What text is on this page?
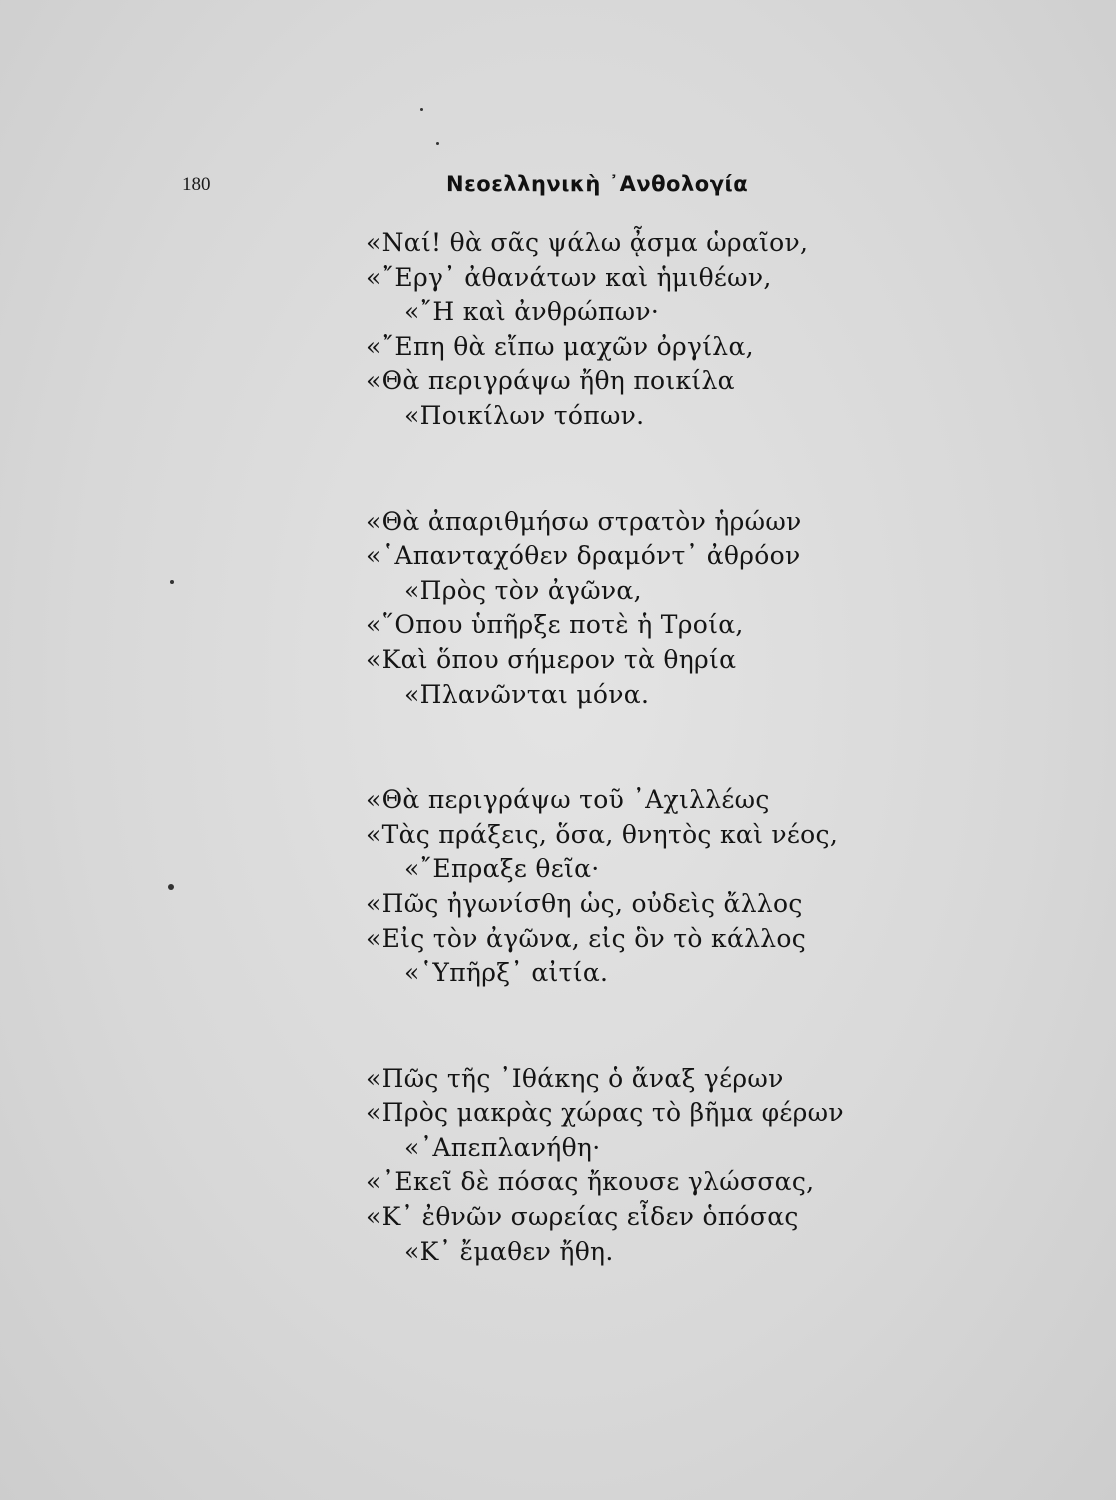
180	Νεοελληνικὴ ᾽Ανθολογία
«Ναί! θὰ σᾶς ψάλω ᾆσμα ὡραῖον,
«῎Εργ᾽ ἀθανάτων καὶ ἡμιθέων,
«῎Η καὶ ἀνθρώπων·
«῎Επη θὰ εἴπω μαχῶν ὀργίλα,
«Θὰ περιγράψω ἤθη ποικίλα
«Ποικίλων τόπων.
«Θὰ ἀπαριθμήσω στρατὸν ἡρώων
«῾Απανταχόθεν δραμόντ᾽ ἀθρόον
«Πρὸς τὸν ἀγῶνα,
«῞Οπου ὑπῆρξε ποτὲ ἡ Τροία,
«Καὶ ὅπου σήμερον τὰ θηρία
«Πλανῶνται μόνα.
«Θὰ περιγράψω τοῦ ᾽Αχιλλέως
«Τὰς πράξεις, ὅσα, θνητὸς καὶ νέος,
«῎Επραξε θεῖα·
«Πῶς ἠγωνίσθη ὡς, οὐδεὶς ἄλλος
«Εἰς τὸν ἀγῶνα, εἰς ὃν τὸ κάλλος
«῾Υπῆρξ᾽ αἰτία.
«Πῶς τῆς ᾽Ιθάκης ὁ ἄναξ γέρων
«Πρὸς μακρὰς χώρας τὸ βῆμα φέρων
«᾽Απεπλανήθη·
«᾽Εκεῖ δὲ πόσας ἤκουσε γλώσσας,
«Κ᾽ ἐθνῶν σωρείας εἶδεν ὁπόσας
«Κ᾽ ἔμαθεν ἤθη.
